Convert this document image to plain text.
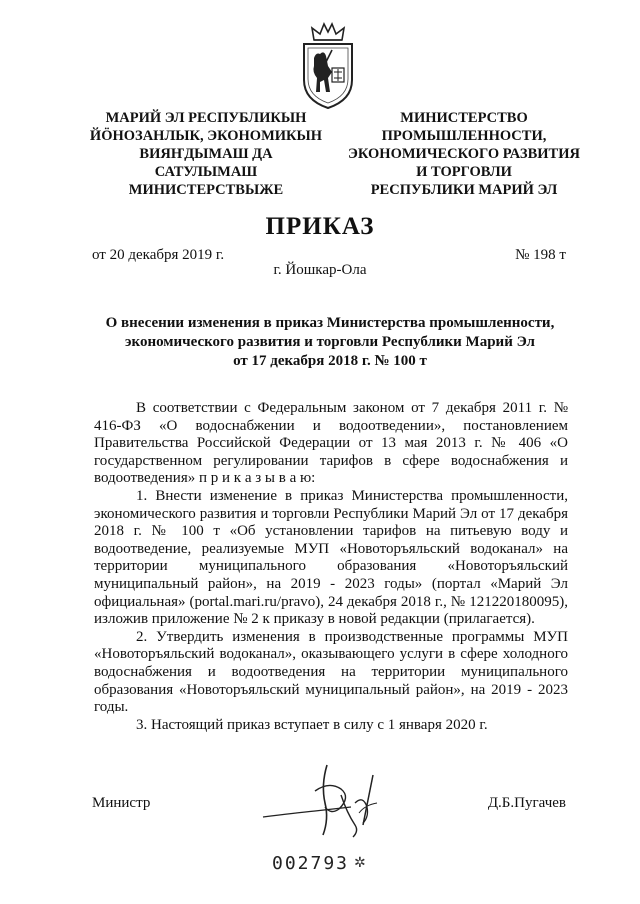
МАРИЙ ЭЛ РЕСПУБЛИКЫН
ЙӦНОЗАНЛЫК, ЭКОНОМИКЫН
ВИЯҤДЫМАШ ДА
САТУЛЫМАШ
МИНИСТЕРСТВЫЖЕ
МИНИСТЕРСТВО
ПРОМЫШЛЕННОСТИ,
ЭКОНОМИЧЕСКОГО РАЗВИТИЯ
И ТОРГОВЛИ
РЕСПУБЛИКИ МАРИЙ ЭЛ
ПРИКАЗ
от 20 декабря 2019 г.	№ 198 т
г. Йошкар-Ола
О внесении изменения в приказ Министерства промышленности,
экономического развития и торговли Республики Марий Эл
от 17 декабря 2018 г. № 100 т

В соответствии с Федеральным законом от 7 декабря 2011 г. № 416-ФЗ «О водоснабжении и водоотведении», постановлением Правительства Российской Федерации от 13 мая 2013 г. № 406 «О государственном регулировании тарифов в сфере водоснабжения и водоотведения» п р и к а з ы в а ю:

1. Внести изменение в приказ Министерства промышленности, экономического развития и торговли Республики Марий Эл от 17 декабря 2018 г. № 100 т «Об установлении тарифов на питьевую воду и водоотведение, реализуемые МУП «Новоторъяльский водоканал» на территории муниципального образования «Новоторъяльский муниципальный район», на 2019 - 2023 годы» (портал «Марий Эл официальная» (portal.mari.ru/pravo), 24 декабря 2018 г., № 121220180095), изложив приложение № 2 к приказу в новой редакции (прилагается).

2. Утвердить изменения в производственные программы МУП «Новоторъяльский водоканал», оказывающего услуги в сфере холодного водоснабжения и водоотведения на территории муниципального образования «Новоторъяльский муниципальный район», на 2019 - 2023 годы.

3. Настоящий приказ вступает в силу с 1 января 2020 г.

Министр	Д.Б.Пугачев
002793 ✲
